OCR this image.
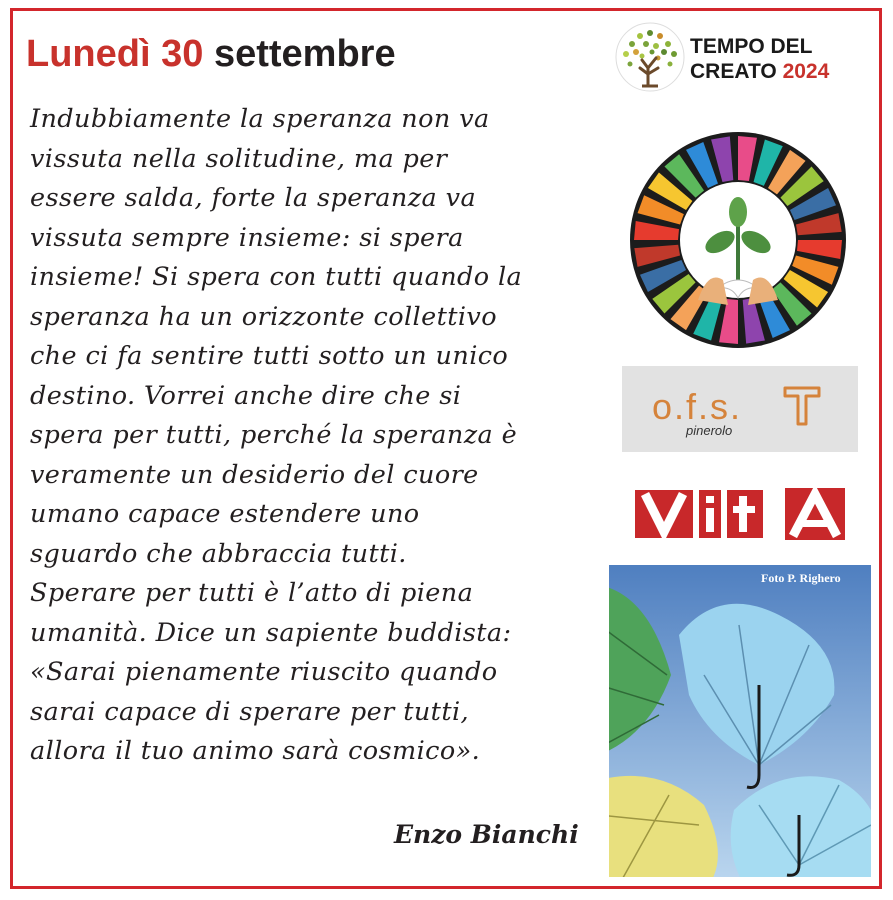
Lunedì 30 settembre
Indubbiamente la speranza non va
vissuta nella solitudine, ma per
essere salda, forte la speranza va
vissuta sempre insieme: si spera
insieme! Si spera con tutti quando la
speranza ha un orizzonte collettivo
che ci fa sentire tutti sotto un unico
destino. Vorrei anche dire che si
spera per tutti, perché la speranza è
veramente un desiderio del cuore
umano capace estendere uno
sguardo che abbraccia tutti.
Sperare per tutti è l’atto di piena
umanità. Dice un sapiente buddista:
«Sarai pienamente riuscito quando
sarai capace di sperare per tutti,
allora il tuo animo sarà cosmico».
Enzo Bianchi
TEMPO DEL
CREATO 2024
o.f.s.
pinerolo
Foto P. Righero
